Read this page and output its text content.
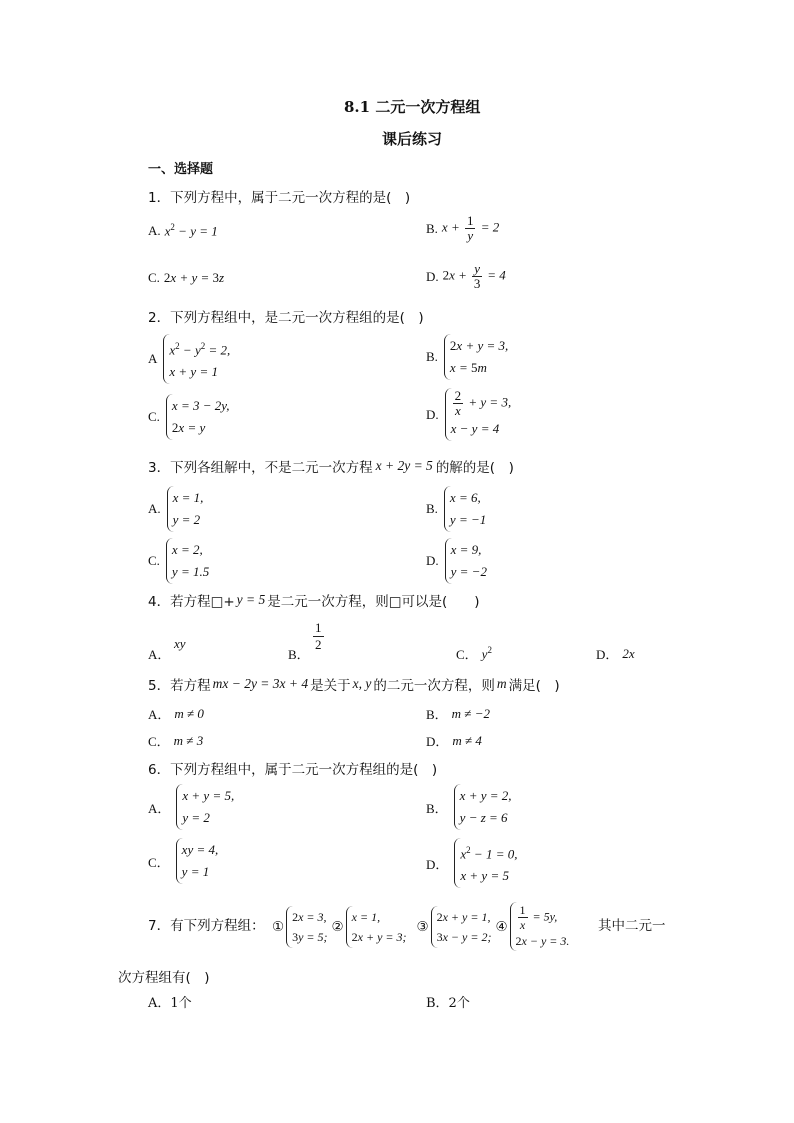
8.1 二元一次方程组
课后练习
一、选择题
1．下列方程中，属于二元一次方程的是(　)
A. $x^2 - y = 1$	B. $x + \frac{1}{y} = 2$
C. 2x + y = 3z	D. $2x + \frac{y}{3} = 4$
2．下列方程组中，是二元一次方程组的是(　)
A
$x^2 - y^2 = 2$,
x + y = 1
B.
2x + y = 3,
x = 5m
C.
x = 3 − 2y,
2x = y
D. $\frac{2}{x} + y = 3$,
x − y = 4
3．下列各组解中，不是二元一次方程 x + 2y = 5 的解的是(　)
A.
x = 1,
y = 2
B.
x = 6,
y = −1
C.
x = 2,
y = 1.5
D.
x = 9,
y = −2
4．若方程□+ y = 5 是二元一次方程，则□可以是(　　)
A．
xy
B．
$\frac{1}{2}$
C． $y^2$	D． 2x
5．若方程 mx − 2y = 3x + 4 是关于 x, y 的二元一次方程，则 m 满足(　)
A． m ≠ 0	B． m ≠ −2
C． m ≠ 3	D． m ≠ 4
6．下列方程组中，属于二元一次方程组的是(　)
A．
x + y = 5,
y = 2
B．
x + y = 2,
y − z = 6
C．
xy = 4,
y = 1	D．
$x^2 - 1 = 0$,
x + y = 5
7．有下列方程组： ①
2x = 3,
3y = 5;
②
x = 1,
2x + y = 3;
③
2x + y = 1,
3x − y = 2;
④ $\frac{1}{x} = 5y$,
2x − y = 3.
其中二元一
次方程组有(　)
A．1个	B．2个
